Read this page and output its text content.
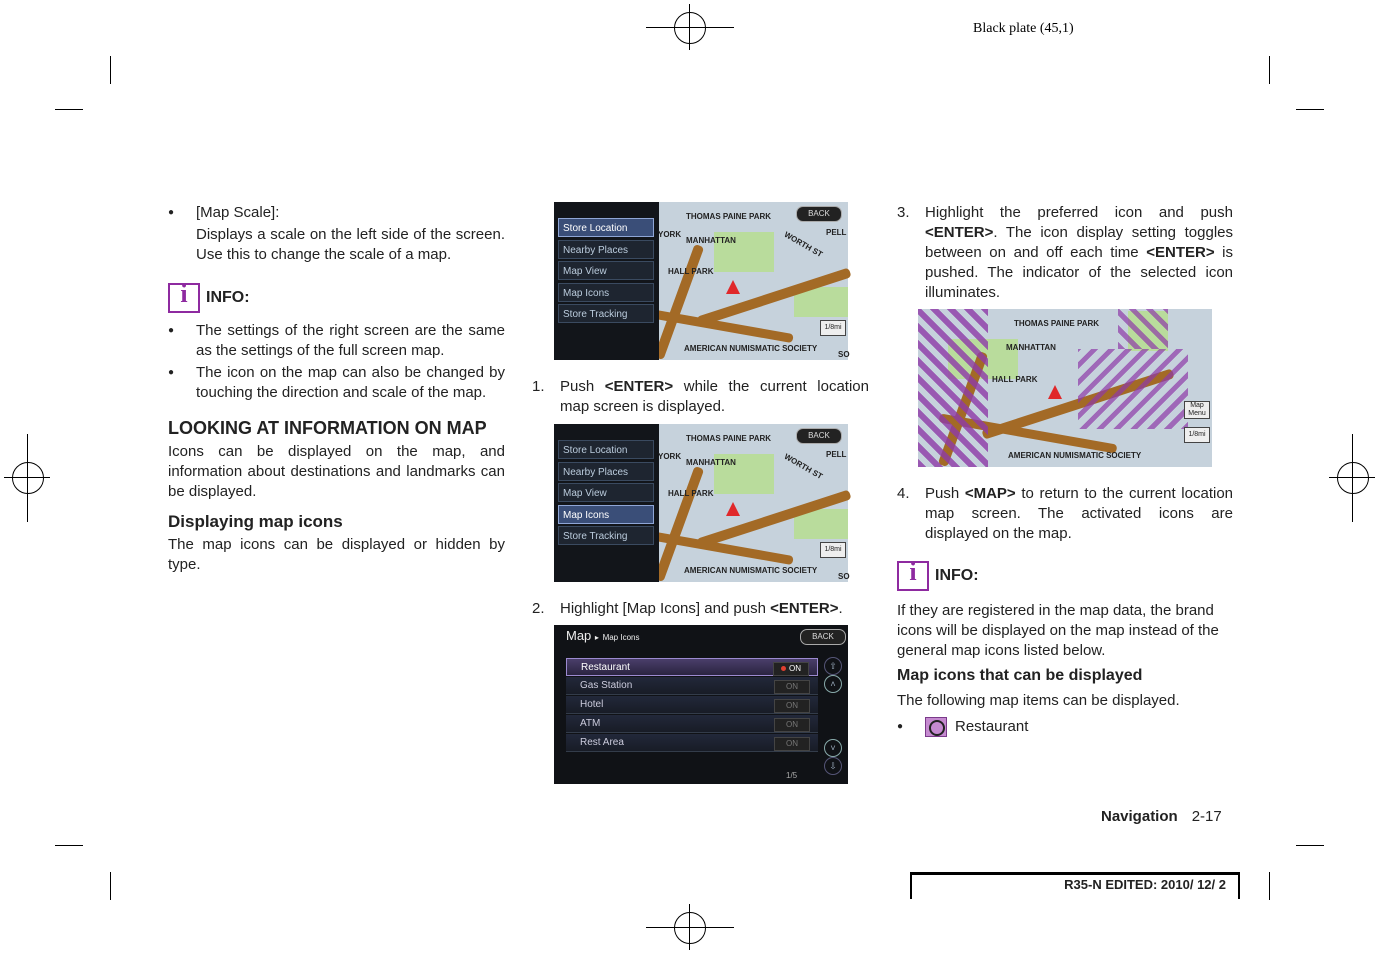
Black plate (45,1)

● [Map Scale]:

Displays a scale on the left side of the screen. Use this to change the scale of a map.

i
INFO:

● The settings of the right screen are the same as the settings of the full screen map.

● The icon on the map can also be changed by touching the direction and scale of the map.

LOOKING AT INFORMATION ON MAP

Icons can be displayed on the map, and information about destinations and landmarks can be displayed.

Displaying map icons

The map icons can be displayed or hidden by type.

Store Location
Nearby Places
Map View
Map Icons
Store Tracking
THOMAS PAINE PARK
YORK
MANHATTAN
HALL PARK
AMERICAN NUMISMATIC SOCIETY
WORTH ST PELL
SO
BACK
1/8mi
1. Push <ENTER> while the current location map screen is displayed.
Store Location
Nearby Places
Map View
Map Icons
Store Tracking
THOMAS PAINE PARK
YORK
MANHATTAN
HALL PARK
AMERICAN NUMISMATIC SOCIETY
WORTH ST PELL
SO
BACK
1/8mi
2. Highlight [Map Icons] and push <ENTER>.
Map ▸ Map Icons	BACK
Restaurant	ON
Gas Station	ON
Hotel	ON
ATM	ON
Rest Area	ON
⇧
˄
˅
⇩
1/5
3. Highlight the preferred icon and push <ENTER>. The icon display setting toggles between on and off each time <ENTER> is pushed. The indicator of the selected icon illuminates.
THOMAS PAINE PARK
MANHATTAN
HALL PARK
AMERICAN NUMISMATIC SOCIETY
Map Menu
1/8mi
4. Push <MAP> to return to the current location map screen. The activated icons are displayed on the map.
i
INFO:

If they are registered in the map data, the brand icons will be displayed on the map instead of the general map icons listed below.

Map icons that can be displayed

The following map items can be displayed.

● Restaurant

Navigation 2-17
R35-N EDITED: 2010/ 12/ 2
